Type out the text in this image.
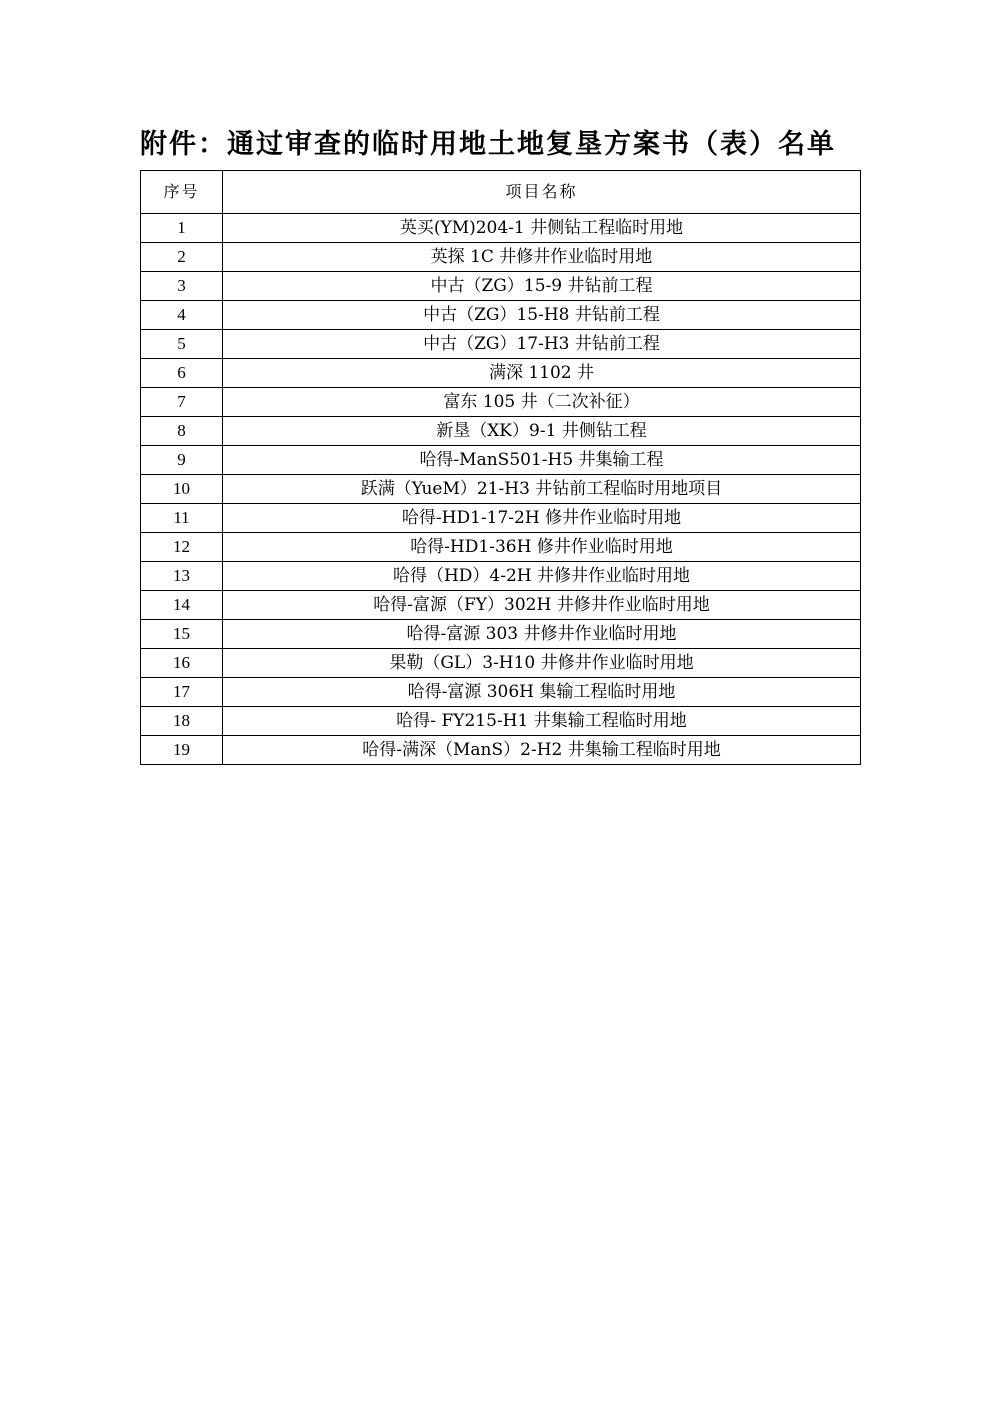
附件：通过审查的临时用地土地复垦方案书（表）名单
序号	项目名称
1	英买(YM)204-1 井侧钻工程临时用地
2	英探 1C 井修井作业临时用地
3	中古（ZG）15-9 井钻前工程
4	中古（ZG）15-H8 井钻前工程
5	中古（ZG）17-H3 井钻前工程
6	满深 1102 井
7	富东 105 井（二次补征）
8	新垦（XK）9-1 井侧钻工程
9	哈得-ManS501-H5 井集输工程
10	跃满（YueM）21-H3 井钻前工程临时用地项目
11	哈得-HD1-17-2H 修井作业临时用地
12	哈得-HD1-36H 修井作业临时用地
13	哈得（HD）4-2H 井修井作业临时用地
14	哈得-富源（FY）302H 井修井作业临时用地
15	哈得-富源 303 井修井作业临时用地
16	果勒（GL）3-H10 井修井作业临时用地
17	哈得-富源 306H 集输工程临时用地
18	哈得- FY215-H1 井集输工程临时用地
19	哈得-满深（ManS）2-H2 井集输工程临时用地
